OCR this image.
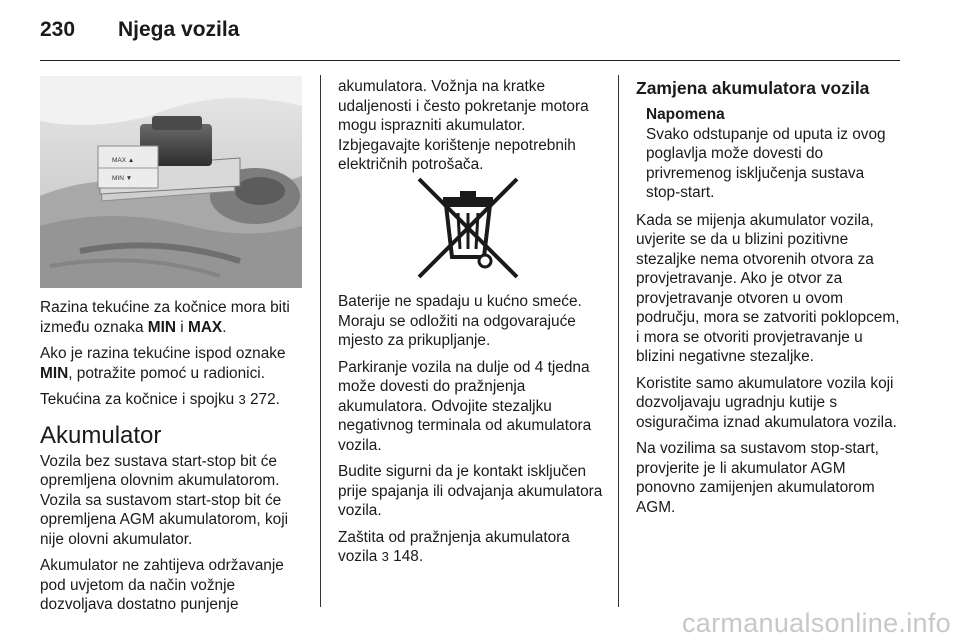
230 Njega vozila
MAX ▲
MIN ▼

Razina tekućine za kočnice mora biti između oznaka MIN i MAX.

Ako je razina tekućine ispod oznake MIN, potražite pomoć u radionici.

Tekućina za kočnice i spojku 3 272.

Akumulator

Vozila bez sustava start-stop bit će opremljena olovnim akumulatorom. Vozila sa sustavom start-stop bit će opremljena AGM akumulatorom, koji nije olovni akumulator.

Akumulator ne zahtijeva održavanje pod uvjetom da način vožnje dozvoljava dostatno punjenje

akumulatora. Vožnja na kratke udaljenosti i često pokretanje motora mogu isprazniti akumulator.

Izbjegavajte korištenje nepotrebnih električnih potrošača.

Baterije ne spadaju u kućno smeće. Moraju se odložiti na odgovarajuće mjesto za prikupljanje.

Parkiranje vozila na dulje od 4 tjedna može dovesti do pražnjenja akumulatora. Odvojite stezaljku negativnog terminala od akumulatora vozila.

Budite sigurni da je kontakt isključen prije spajanja ili odvajanja akumulatora vozila.

Zaštita od pražnjenja akumulatora vozila 3 148.

Zamjena akumulatora vozila
Napomena
Svako odstupanje od uputa iz ovog poglavlja može dovesti do privremenog isključenja sustava stop-start.

Kada se mijenja akumulator vozila, uvjerite se da u blizini pozitivne stezaljke nema otvorenih otvora za provjetravanje. Ako je otvor za provjetravanje otvoren u ovom području, mora se zatvoriti poklopcem, i mora se otvoriti provjetravanje u blizini negativne stezaljke.

Koristite samo akumulatore vozila koji dozvoljavaju ugradnju kutije s osiguračima iznad akumulatora vozila.

Na vozilima sa sustavom stop-start, provjerite je li akumulator AGM ponovno zamijenjen akumulatorom AGM.

carmanualsonline.info
